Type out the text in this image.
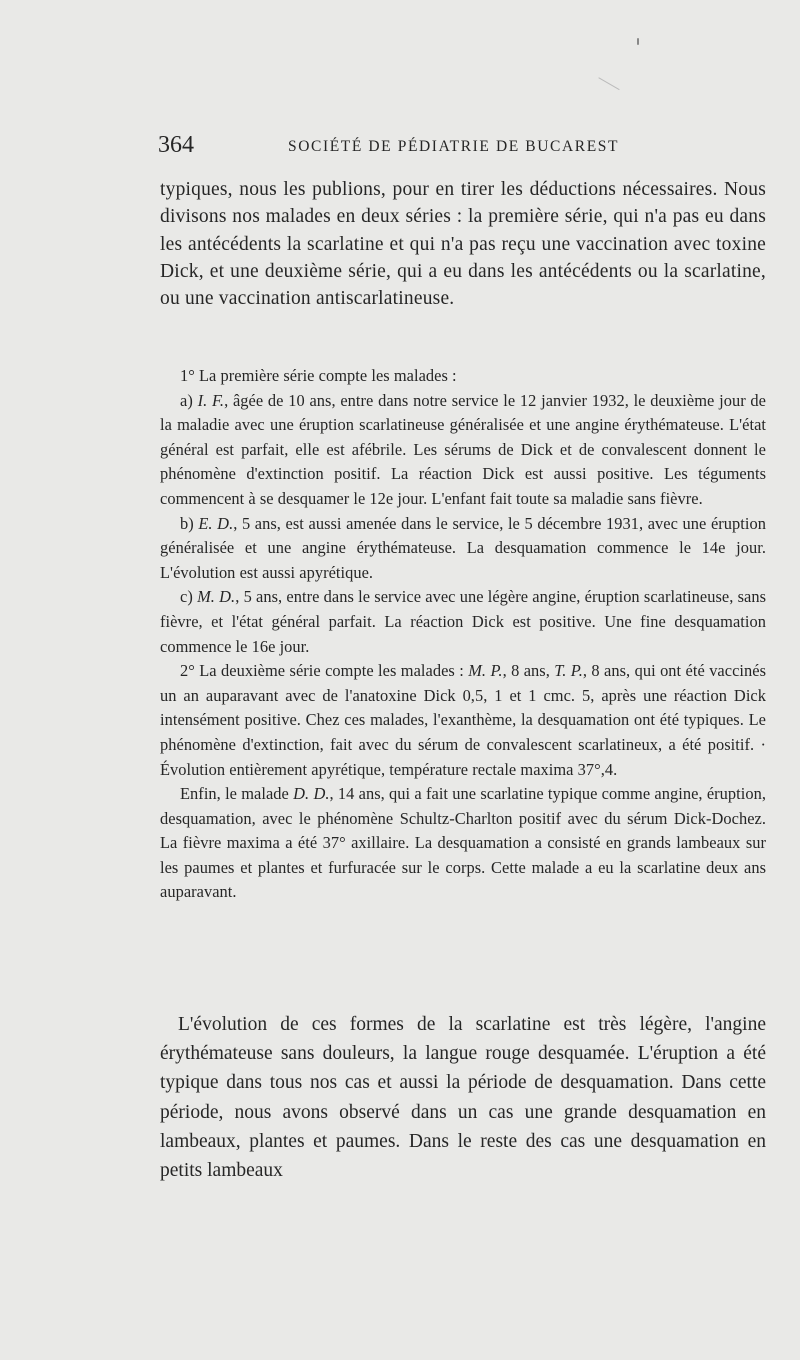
364	SOCIÉTÉ DE PÉDIATRIE DE BUCAREST

typiques, nous les publions, pour en tirer les déductions nécessaires. Nous divisons nos malades en deux séries : la première série, qui n'a pas eu dans les antécédents la scarlatine et qui n'a pas reçu une vaccination avec toxine Dick, et une deuxième série, qui a eu dans les antécédents ou la scarlatine, ou une vaccination antiscarlatineuse.

1° La première série compte les malades :

a) I. F., âgée de 10 ans, entre dans notre service le 12 janvier 1932, le deuxième jour de la maladie avec une éruption scarlatineuse généralisée et une angine érythémateuse. L'état général est parfait, elle est afébrile. Les sérums de Dick et de convalescent donnent le phénomène d'extinction positif. La réaction Dick est aussi positive. Les téguments commencent à se desquamer le 12e jour. L'enfant fait toute sa maladie sans fièvre.

b) E. D., 5 ans, est aussi amenée dans le service, le 5 décembre 1931, avec une éruption généralisée et une angine érythémateuse. La desquamation commence le 14e jour. L'évolution est aussi apyrétique.

c) M. D., 5 ans, entre dans le service avec une légère angine, éruption scarlatineuse, sans fièvre, et l'état général parfait. La réaction Dick est positive. Une fine desquamation commence le 16e jour.

2° La deuxième série compte les malades : M. P., 8 ans, T. P., 8 ans, qui ont été vaccinés un an auparavant avec de l'anatoxine Dick 0,5, 1 et 1 cmc. 5, après une réaction Dick intensément positive. Chez ces malades, l'exanthème, la desquamation ont été typiques. Le phénomène d'extinction, fait avec du sérum de convalescent scarlatineux, a été positif. · Évolution entièrement apyrétique, température rectale maxima 37°,4.

Enfin, le malade D. D., 14 ans, qui a fait une scarlatine typique comme angine, éruption, desquamation, avec le phénomène Schultz-Charlton positif avec du sérum Dick-Dochez. La fièvre maxima a été 37° axillaire. La desquamation a consisté en grands lambeaux sur les paumes et plantes et furfuracée sur le corps. Cette malade a eu la scarlatine deux ans auparavant.

L'évolution de ces formes de la scarlatine est très légère, l'angine érythémateuse sans douleurs, la langue rouge desquamée. L'éruption a été typique dans tous nos cas et aussi la période de desquamation. Dans cette période, nous avons observé dans un cas une grande desquamation en lambeaux, plantes et paumes. Dans le reste des cas une desquamation en petits lambeaux
